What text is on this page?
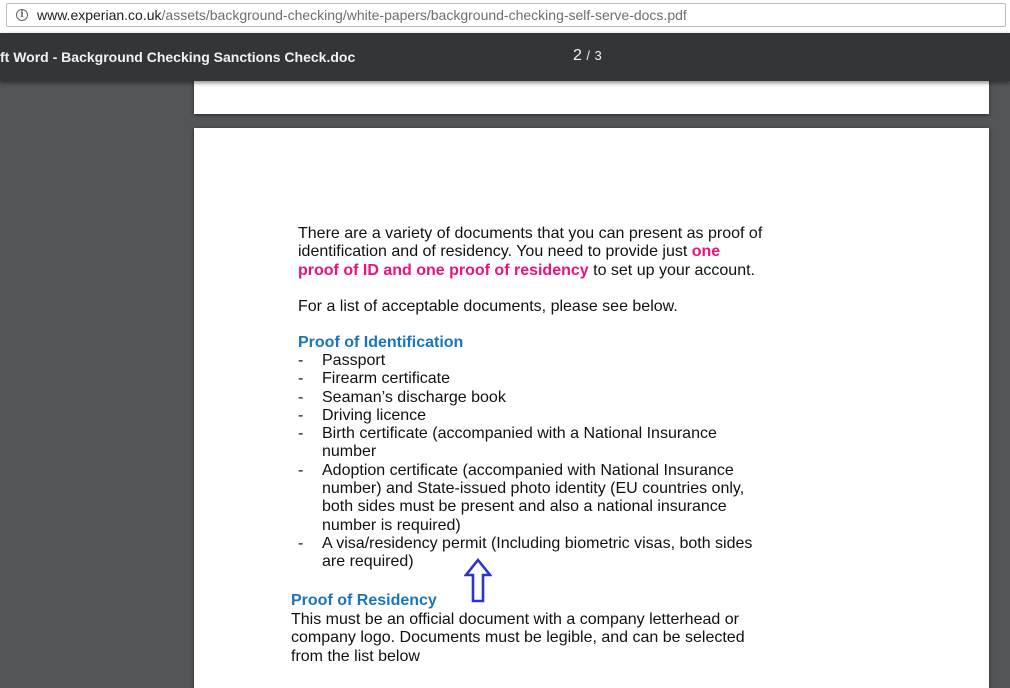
i www.experian.co.uk/assets/background-checking/white-papers/background-checking-self-serve-docs.pdf
ft Word - Background Checking Sanctions Check.doc	2 / 3
There are a variety of documents that you can present as proof of
identification and of residency. You need to provide just one
proof of ID and one proof of residency to set up your account.
For a list of acceptable documents, please see below.
Proof of Identification
- Passport
- Firearm certificate
- Seaman’s discharge book
- Driving licence
- Birth certificate (accompanied with a National Insurance number
- Adoption certificate (accompanied with National Insurance number) and State-issued photo identity (EU countries only, both sides must be present and also a national insurance number is required)
- A visa/residency permit (Including biometric visas, both sides are required)
Proof of Residency
This must be an official document with a company letterhead or
company logo. Documents must be legible, and can be selected
from the list below
